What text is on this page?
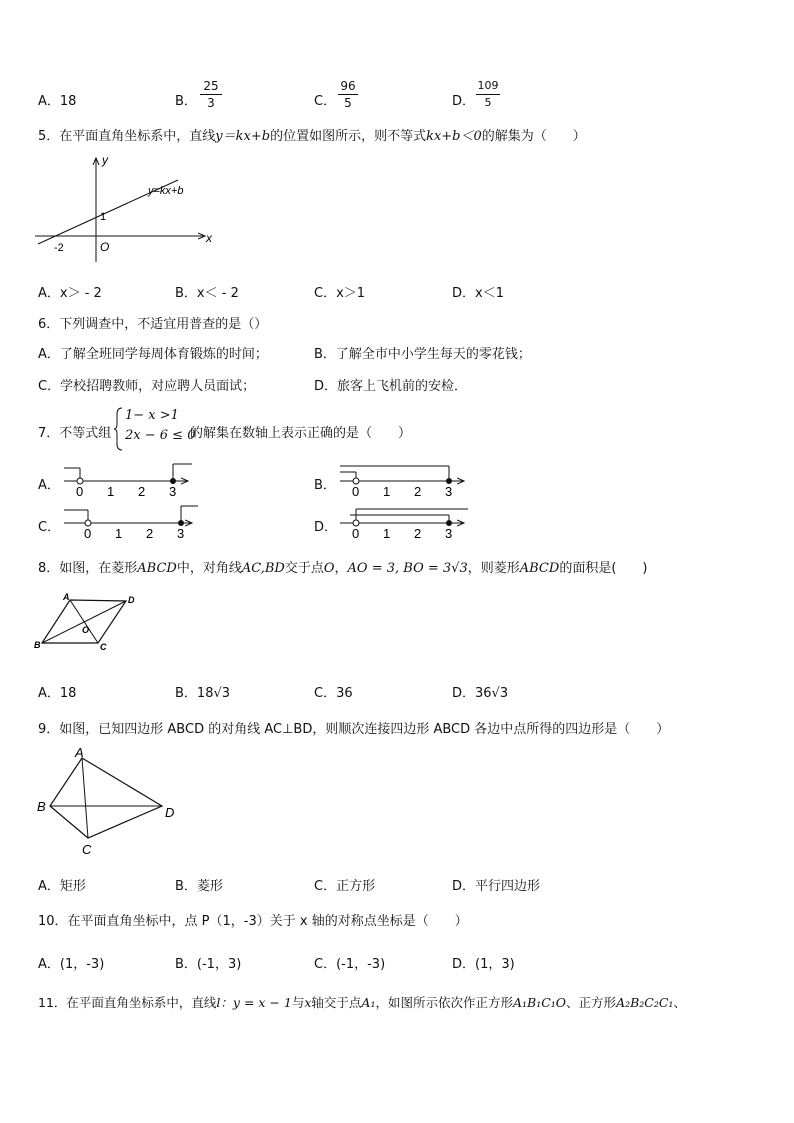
A．18	B．
25
3	C．
96
5	D．
109
5
5．在平面直角坐标系中，直线y＝kx+b的位置如图所示，则不等式kx+b＜0的解集为（　　）
y
x
y=kx+b
1
-2	O
A．x＞ - 2	B．x＜ - 2	C．x＞1	D．x＜1
6．下列调查中，不适宜用普查的是（）
A．了解全班同学每周体育锻炼的时间；	B．了解全市中小学生每天的零花钱；
C．学校招聘教师，对应聘人员面试；	D．旅客上飞机前的安检．
7．不等式组
1− x >1
2x − 6 ≤ 0
的解集在数轴上表示正确的是（　　）
A． 0 1 2 3	B． 0 1 2 3
C． 0 1 2 3	D． 0 1 2 3
8．如图，在菱形ABCD中，对角线AC,BD交于点O，AO = 3, BO = 3√3，则菱形ABCD的面积是(　　)
A	D
B	C
O
A．18	B．18√3	C．36	D．36√3
9．如图，已知四边形 ABCD 的对角线 AC⊥BD，则顺次连接四边形 ABCD 各边中点所得的四边形是（　　）
A
B
C
D
A．矩形	B．菱形	C．正方形	D．平行四边形
10．在平面直角坐标中，点 P（1，-3）关于 x 轴的对称点坐标是（　　）
A．(1，-3)	B．(-1，3)	C．(-1，-3)	D．(1，3)
11．在平面直角坐标系中，直线l：y = x − 1与x轴交于点A₁，如图所示依次作正方形A₁B₁C₁O、正方形A₂B₂C₂C₁、
